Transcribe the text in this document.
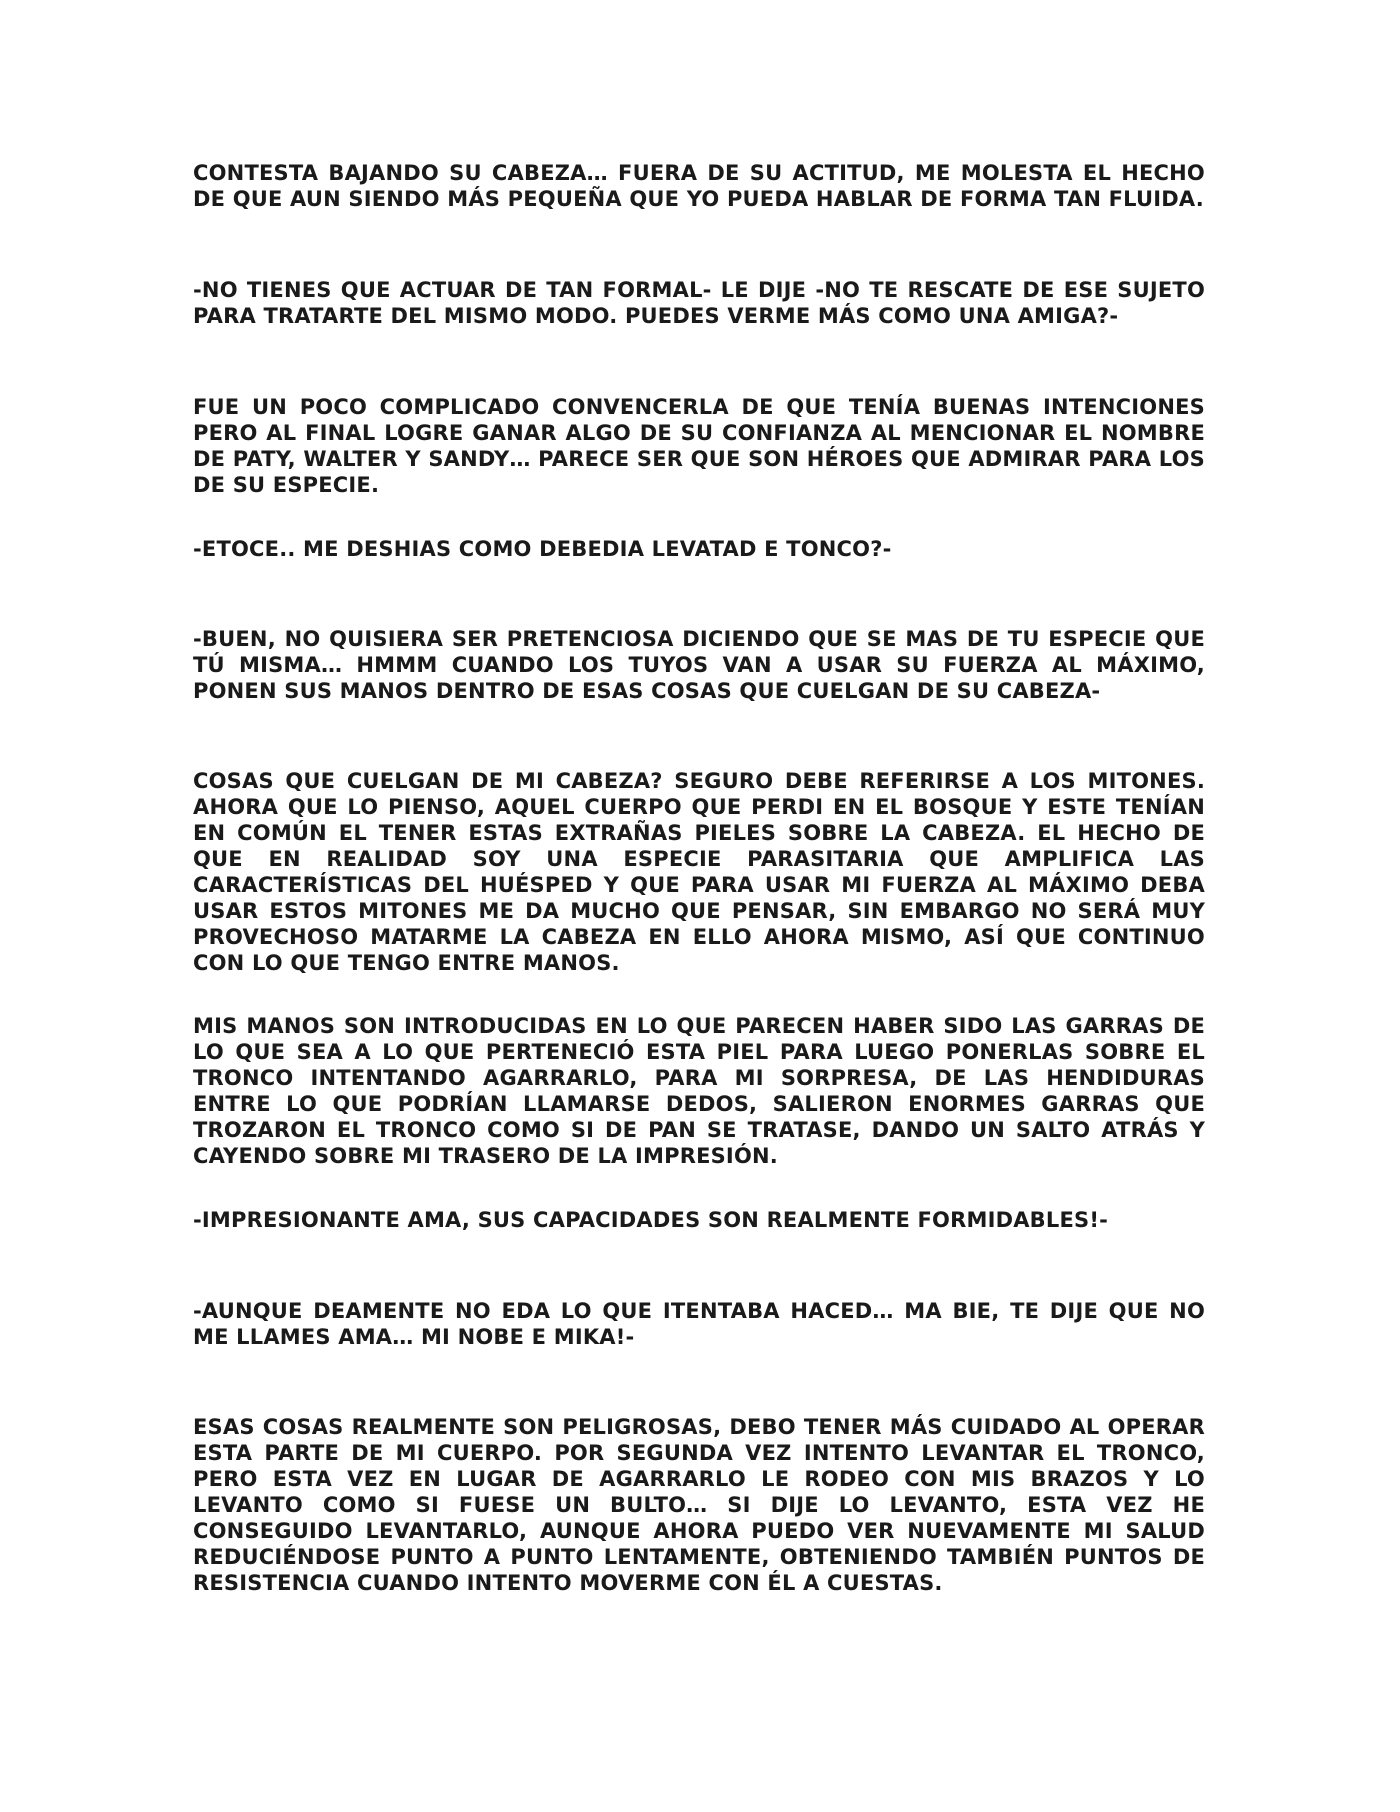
CONTESTA BAJANDO SU CABEZA… FUERA DE SU ACTITUD, ME MOLESTA EL HECHO DE QUE AUN SIENDO MÁS PEQUEÑA QUE YO PUEDA HABLAR DE FORMA TAN FLUIDA.

-NO TIENES QUE ACTUAR DE TAN FORMAL- LE DIJE -NO TE RESCATE DE ESE SUJETO PARA TRATARTE DEL MISMO MODO. PUEDES VERME MÁS COMO UNA AMIGA?-

FUE UN POCO COMPLICADO CONVENCERLA DE QUE TENÍA BUENAS INTENCIONES PERO AL FINAL LOGRE GANAR ALGO DE SU CONFIANZA AL MENCIONAR EL NOMBRE DE PATY, WALTER Y SANDY… PARECE SER QUE SON HÉROES QUE ADMIRAR PARA LOS DE SU ESPECIE.

-ETOCE.. ME DESHIAS COMO DEBEDIA LEVATAD E TONCO?-

-BUEN, NO QUISIERA SER PRETENCIOSA DICIENDO QUE SE MAS DE TU ESPECIE QUE TÚ MISMA… HMMM CUANDO LOS TUYOS VAN A USAR SU FUERZA AL MÁXIMO, PONEN SUS MANOS DENTRO DE ESAS COSAS QUE CUELGAN DE SU CABEZA-

COSAS QUE CUELGAN DE MI CABEZA? SEGURO DEBE REFERIRSE A LOS MITONES. AHORA QUE LO PIENSO, AQUEL CUERPO QUE PERDI EN EL BOSQUE Y ESTE TENÍAN EN COMÚN EL TENER ESTAS EXTRAÑAS PIELES SOBRE LA CABEZA. EL HECHO DE QUE EN REALIDAD SOY UNA ESPECIE PARASITARIA QUE AMPLIFICA LAS CARACTERÍSTICAS DEL HUÉSPED Y QUE PARA USAR MI FUERZA AL MÁXIMO DEBA USAR ESTOS MITONES ME DA MUCHO QUE PENSAR, SIN EMBARGO NO SERÁ MUY PROVECHOSO MATARME LA CABEZA EN ELLO AHORA MISMO, ASÍ QUE CONTINUO CON LO QUE TENGO ENTRE MANOS.

MIS MANOS SON INTRODUCIDAS EN LO QUE PARECEN HABER SIDO LAS GARRAS DE LO QUE SEA A LO QUE PERTENECIÓ ESTA PIEL PARA LUEGO PONERLAS SOBRE EL TRONCO INTENTANDO AGARRARLO, PARA MI SORPRESA, DE LAS HENDIDURAS ENTRE LO QUE PODRÍAN LLAMARSE DEDOS, SALIERON ENORMES GARRAS QUE TROZARON EL TRONCO COMO SI DE PAN SE TRATASE, DANDO UN SALTO ATRÁS Y CAYENDO SOBRE MI TRASERO DE LA IMPRESIÓN.

-IMPRESIONANTE AMA, SUS CAPACIDADES SON REALMENTE FORMIDABLES!-

-AUNQUE DEAMENTE NO EDA LO QUE ITENTABA HACED… MA BIE, TE DIJE QUE NO ME LLAMES AMA… MI NOBE E MIKA!-

ESAS COSAS REALMENTE SON PELIGROSAS, DEBO TENER MÁS CUIDADO AL OPERAR ESTA PARTE DE MI CUERPO. POR SEGUNDA VEZ INTENTO LEVANTAR EL TRONCO, PERO ESTA VEZ EN LUGAR DE AGARRARLO LE RODEO CON MIS BRAZOS Y LO LEVANTO COMO SI FUESE UN BULTO… SI DIJE LO LEVANTO, ESTA VEZ HE CONSEGUIDO LEVANTARLO, AUNQUE AHORA PUEDO VER NUEVAMENTE MI SALUD REDUCIÉNDOSE PUNTO A PUNTO LENTAMENTE, OBTENIENDO TAMBIÉN PUNTOS DE RESISTENCIA CUANDO INTENTO MOVERME CON ÉL A CUESTAS.
